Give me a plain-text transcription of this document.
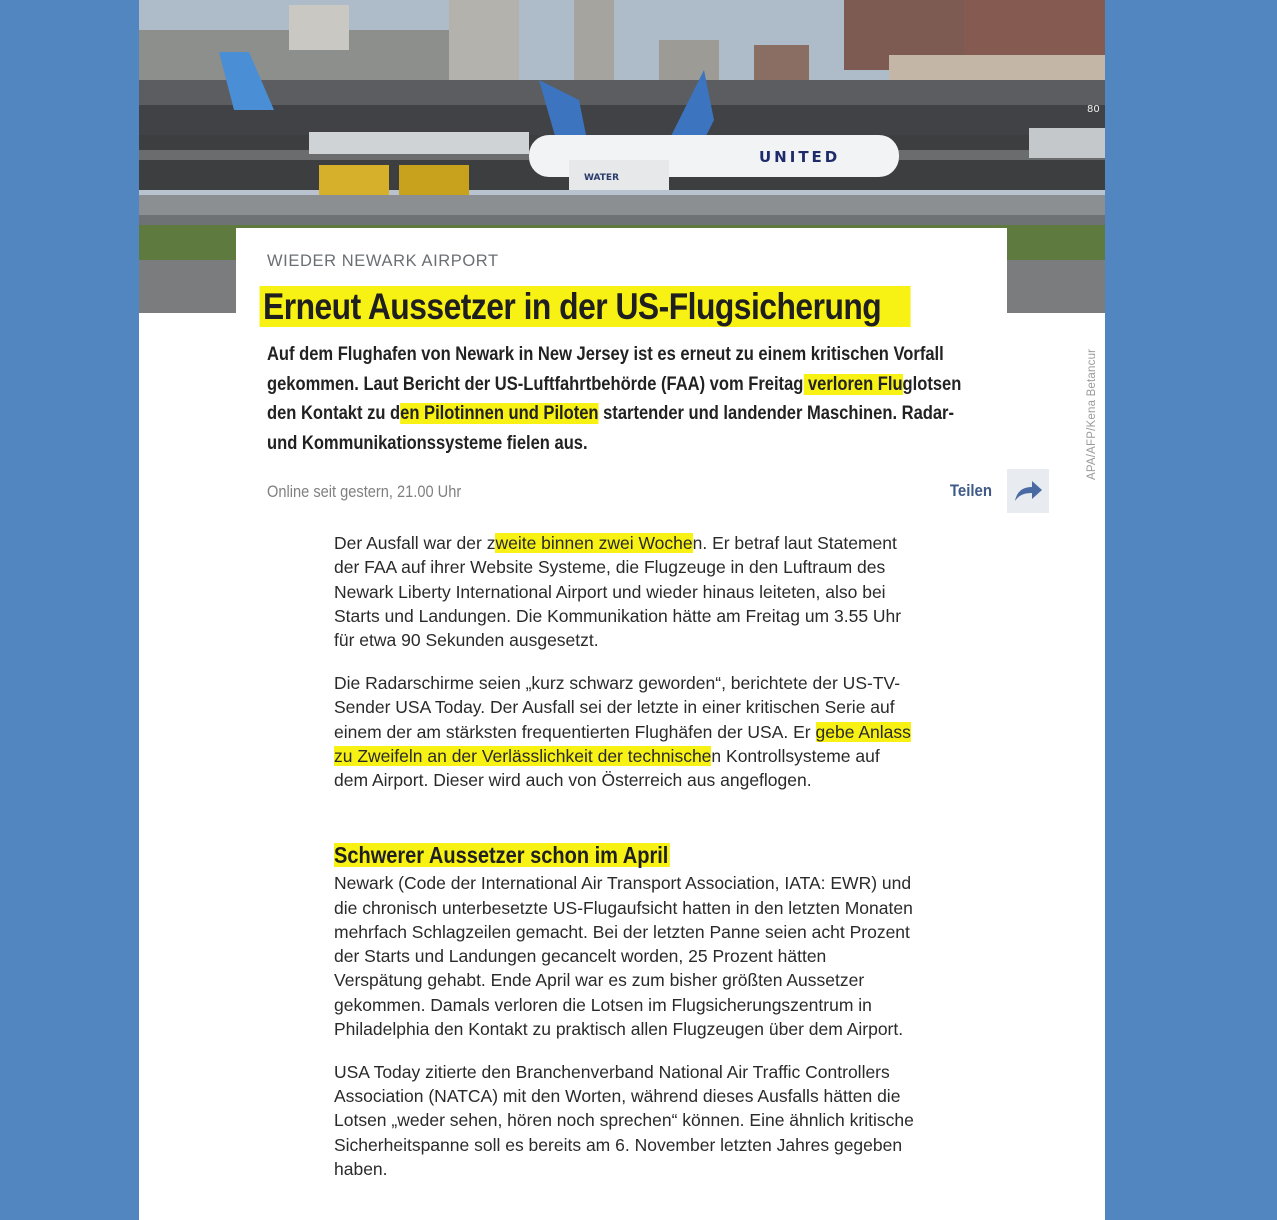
UNITED
WATER
80
APA/AFP/Kena Betancur
WIEDER NEWARK AIRPORT
Erneut Aussetzer in der US-Flugsicherung
Auf dem Flughafen von Newark in New Jersey ist es erneut zu einem kritischen Vorfall gekommen. Laut Bericht der US-Luftfahrtbehörde (FAA) vom Freitag verloren Fluglotsen den Kontakt zu den Pilotinnen und Piloten startender und landender Maschinen. Radar- und Kommunikationssysteme fielen aus.
Online seit gestern, 21.00 Uhr	Teilen

Der Ausfall war der zweite binnen zwei Wochen. Er betraf laut Statement der FAA auf ihrer Website Systeme, die Flugzeuge in den Luftraum des Newark Liberty International Airport und wieder hinaus leiteten, also bei Starts und Landungen. Die Kommunikation hätte am Freitag um 3.55 Uhr für etwa 90 Sekunden ausgesetzt.

Die Radarschirme seien „kurz schwarz geworden“, berichtete der US-TV-Sender USA Today. Der Ausfall sei der letzte in einer kritischen Serie auf einem der am stärksten frequentierten Flughäfen der USA. Er gebe Anlass zu Zweifeln an der Verlässlichkeit der technischen Kontrollsysteme auf dem Airport. Dieser wird auch von Österreich aus angeflogen.

Schwerer Aussetzer schon im April

Newark (Code der International Air Transport Association, IATA: EWR) und die chronisch unterbesetzte US-Flugaufsicht hatten in den letzten Monaten mehrfach Schlagzeilen gemacht. Bei der letzten Panne seien acht Prozent der Starts und Landungen gecancelt worden, 25 Prozent hätten Verspätung gehabt. Ende April war es zum bisher größten Aussetzer gekommen. Damals verloren die Lotsen im Flugsicherungszentrum in Philadelphia den Kontakt zu praktisch allen Flugzeugen über dem Airport.

USA Today zitierte den Branchenverband National Air Traffic Controllers Association (NATCA) mit den Worten, während dieses Ausfalls hätten die Lotsen „weder sehen, hören noch sprechen“ können. Eine ähnlich kritische Sicherheitspanne soll es bereits am 6. November letzten Jahres gegeben haben.
